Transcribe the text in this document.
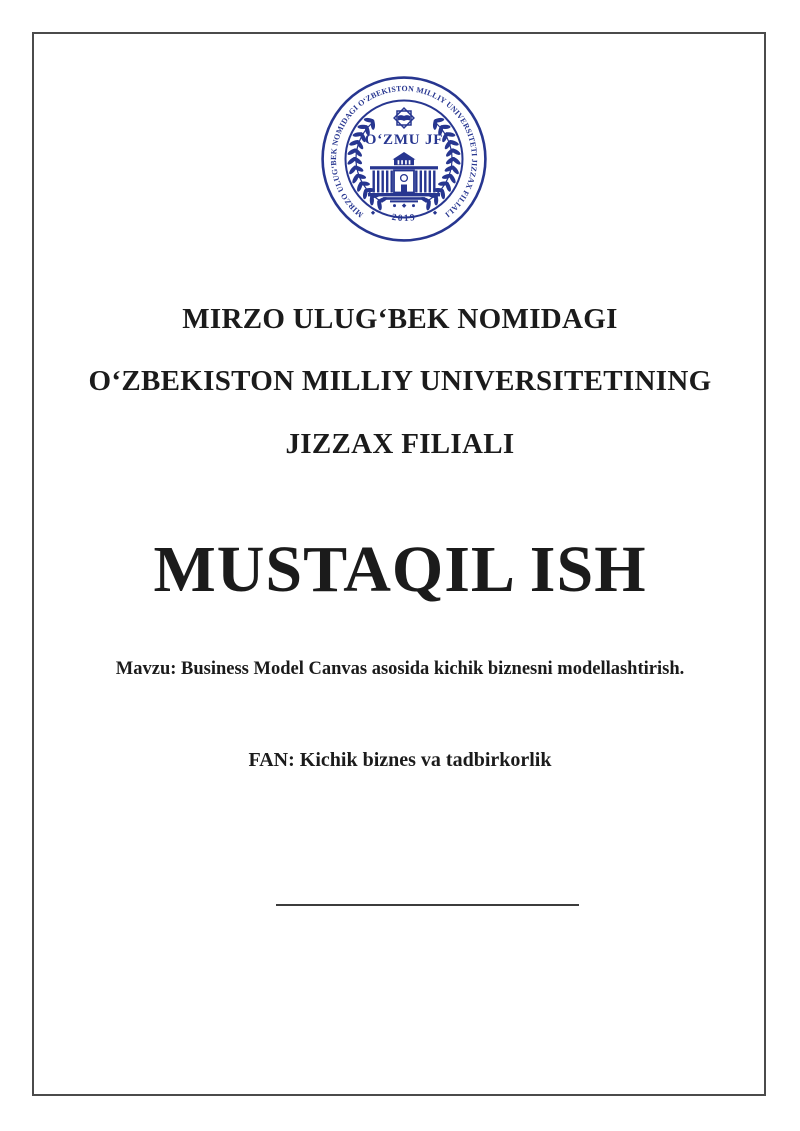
MIRZO ULUG‘BEK NOMIDAGI O‘ZBEKISTON MILLIY UNIVERSITETI JIZZAX FILIALI
2019
O‘ZMU JF
MIRZO ULUG‘BEK NOMIDAGI
O‘ZBEKISTON MILLIY UNIVERSITETINING
JIZZAX FILIALI
MUSTAQIL ISH
Mavzu: Business Model Canvas asosida kichik biznesni modellashtirish.
FAN: Kichik biznes va tadbirkorlik
